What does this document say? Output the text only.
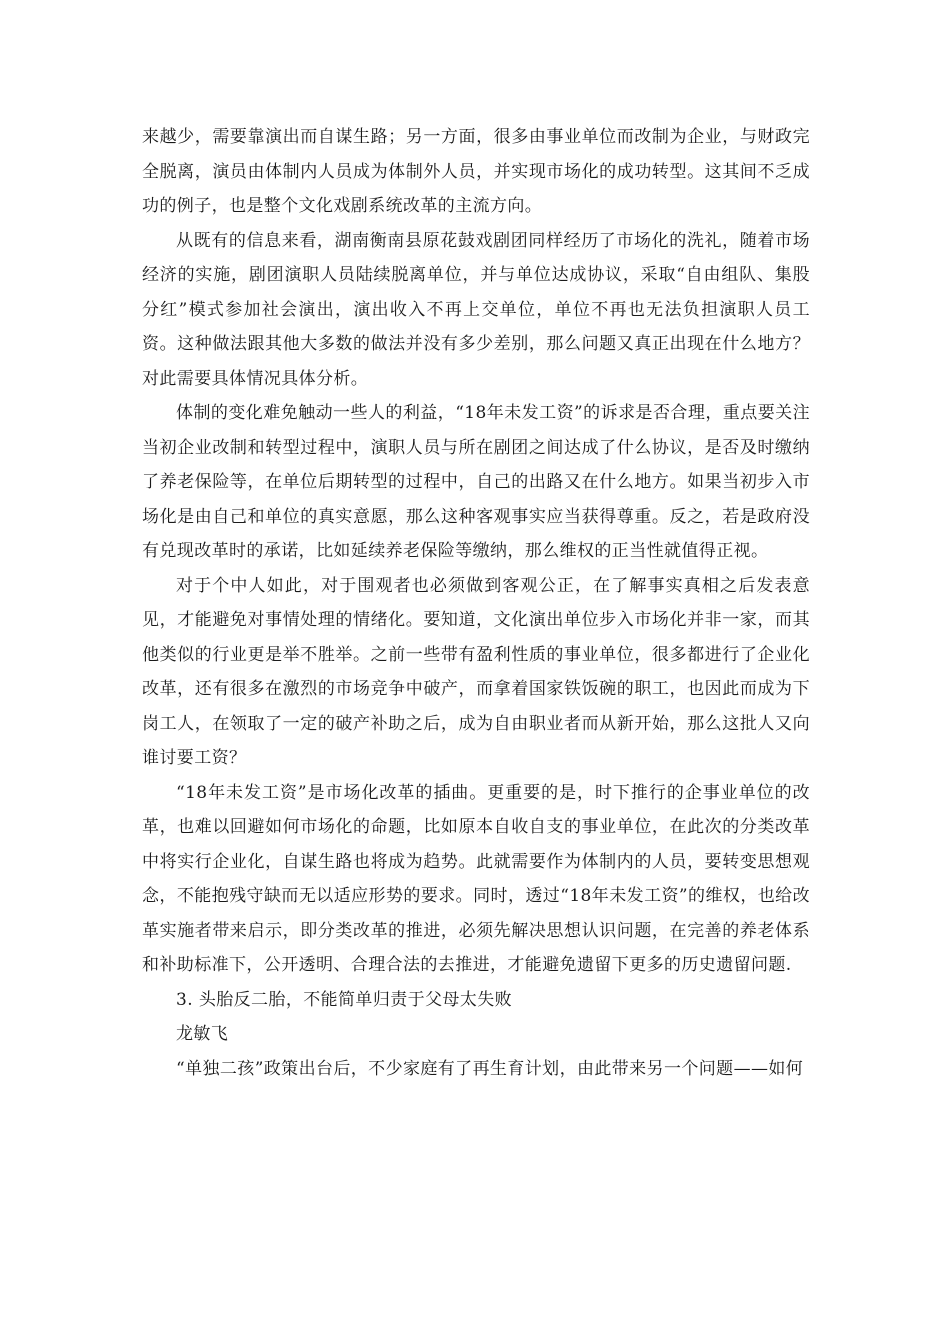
来越少，需要靠演出而自谋生路；另一方面，很多由事业单位而改制为企业，与财政完全脱离，演员由体制内人员成为体制外人员，并实现市场化的成功转型。这其间不乏成功的例子，也是整个文化戏剧系统改革的主流方向。

从既有的信息来看，湖南衡南县原花鼓戏剧团同样经历了市场化的洗礼，随着市场经济的实施，剧团演职人员陆续脱离单位，并与单位达成协议，采取“自由组队、集股分红”模式参加社会演出，演出收入不再上交单位，单位不再也无法负担演职人员工资。这种做法跟其他大多数的做法并没有多少差别，那么问题又真正出现在什么地方？对此需要具体情况具体分析。

体制的变化难免触动一些人的利益，“18年未发工资”的诉求是否合理，重点要关注当初企业改制和转型过程中，演职人员与所在剧团之间达成了什么协议，是否及时缴纳了养老保险等，在单位后期转型的过程中，自己的出路又在什么地方。如果当初步入市场化是由自己和单位的真实意愿，那么这种客观事实应当获得尊重。反之，若是政府没有兑现改革时的承诺，比如延续养老保险等缴纳，那么维权的正当性就值得正视。

对于个中人如此，对于围观者也必须做到客观公正，在了解事实真相之后发表意见，才能避免对事情处理的情绪化。要知道，文化演出单位步入市场化并非一家，而其他类似的行业更是举不胜举。之前一些带有盈利性质的事业单位，很多都进行了企业化改革，还有很多在激烈的市场竞争中破产，而拿着国家铁饭碗的职工，也因此而成为下岗工人，在领取了一定的破产补助之后，成为自由职业者而从新开始，那么这批人又向谁讨要工资？

“18年未发工资”是市场化改革的插曲。更重要的是，时下推行的企事业单位的改革，也难以回避如何市场化的命题，比如原本自收自支的事业单位，在此次的分类改革中将实行企业化，自谋生路也将成为趋势。此就需要作为体制内的人员，要转变思想观念，不能抱残守缺而无以适应形势的要求。同时，透过“18年未发工资”的维权，也给改革实施者带来启示，即分类改革的推进，必须先解决思想认识问题，在完善的养老体系和补助标准下，公开透明、合理合法的去推进，才能避免遗留下更多的历史遗留问题.

3. 头胎反二胎，不能简单归责于父母太失败

龙敏飞

“单独二孩”政策出台后，不少家庭有了再生育计划，由此带来另一个问题——如何
